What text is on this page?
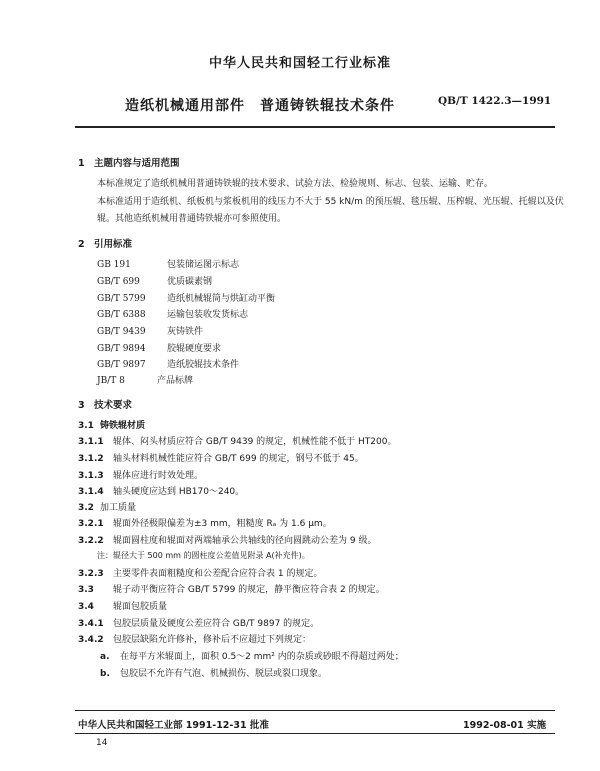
中华人民共和国轻工行业标准
造纸机械通用部件　普通铸铁辊技术条件	QB/T 1422.3—1991
1 主题内容与适用范围
本标准规定了造纸机械用普通铸铁辊的技术要求、试验方法、检验规则、标志、包装、运输、贮存。
本标准适用于造纸机、纸板机与浆板机用的线压力不大于 55 kN/m 的预压辊、毯压辊、压榨辊、光压辊、托辊以及伏辊。其他造纸机械用普通铸铁辊亦可参照使用。
2 引用标准
GB 191	包装储运图示标志
GB/T 699	优质碳素钢
GB/T 5799 造纸机械辊筒与烘缸动平衡
GB/T 6388 运输包装收发货标志
GB/T 9439 灰铸铁件
GB/T 9894 胶辊硬度要求
GB/T 9897 造纸胶辊技术条件
JB/T 8	产品标牌
3 技术要求
3.1 铸铁辊材质
3.1.1 辊体、闷头材质应符合 GB/T 9439 的规定，机械性能不低于 HT200。
3.1.2 轴头材料机械性能应符合 GB/T 699 的规定，钢号不低于 45。
3.1.3 辊体应进行时效处理。
3.1.4 轴头硬度应达到 HB170～240。
3.2 加工质量
3.2.1 辊面外径极限偏差为±3 mm，粗糙度 Rₐ 为 1.6 μm。
3.2.2 辊面圆柱度和辊面对两端轴承公共轴线的径向圆跳动公差为 9 级。
注：辊径大于 500 mm 的圆柱度公差值见附录 A(补充件)。
3.2.3 主要零件表面粗糙度和公差配合应符合表 1 的规定。
3.3 辊子动平衡应符合 GB/T 5799 的规定，静平衡应符合表 2 的规定。
3.4 辊面包胶质量
3.4.1 包胶层质量及硬度公差应符合 GB/T 9897 的规定。
3.4.2 包胶层缺陷允许修补，修补后不应超过下列规定：
a. 在每平方米辊面上，面积 0.5～2 mm² 内的杂质或砂眼不得超过两处；
b. 包胶层不允许有气泡、机械损伤、脱层或裂口现象。
中华人民共和国轻工业部 1991-12-31 批准	1992-08-01 实施
14
